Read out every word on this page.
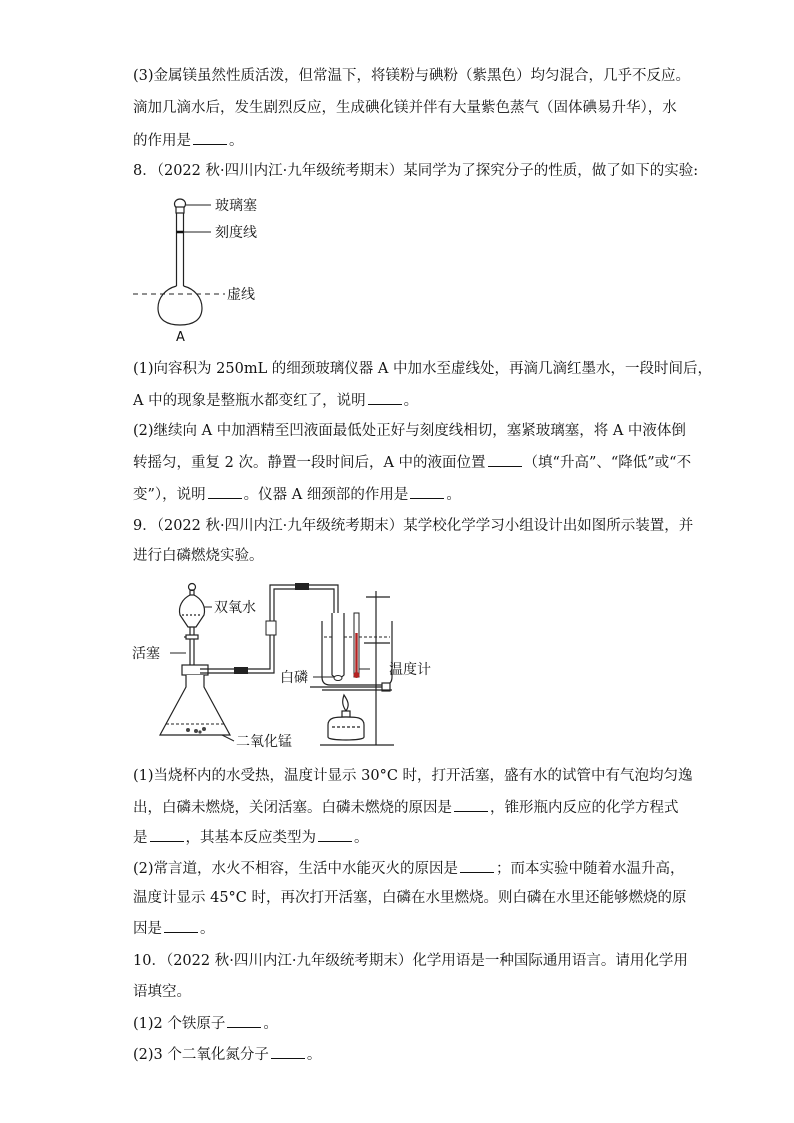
(3)金属镁虽然性质活泼，但常温下，将镁粉与碘粉（紫黑色）均匀混合，几乎不反应。
滴加几滴水后，发生剧烈反应，生成碘化镁并伴有大量紫色蒸气（固体碘易升华），水
的作用是	。
8．（2022 秋·四川内江·九年级统考期末）某同学为了探究分子的性质，做了如下的实验:
玻璃塞
刻度线
虚线
A
(1)向容积为 250mL 的细颈玻璃仪器 A 中加水至虚线处，再滴几滴红墨水，一段时间后，
A 中的现象是整瓶水都变红了，说明	。
(2)继续向 A 中加酒精至凹液面最低处正好与刻度线相切，塞紧玻璃塞，将 A 中液体倒
转摇匀，重复 2 次。静置一段时间后，A 中的液面位置	（填“升高”、“降低”或“不
变”），说明	。仪器 A 细颈部的作用是	。
9．（2022 秋·四川内江·九年级统考期末）某学校化学学习小组设计出如图所示装置，并
进行白磷燃烧实验。
双氧水
活塞
白磷	温度计
二氧化锰
(1)当烧杯内的水受热，温度计显示 30°C 时，打开活塞，盛有水的试管中有气泡均匀逸
出，白磷未燃烧，关闭活塞。白磷未燃烧的原因是	，锥形瓶内反应的化学方程式
是	，其基本反应类型为	。
(2)常言道，水火不相容，生活中水能灭火的原因是	；而本实验中随着水温升高，
温度计显示 45°C 时，再次打开活塞，白磷在水里燃烧。则白磷在水里还能够燃烧的原
因是	。
10．（2022 秋·四川内江·九年级统考期末）化学用语是一种国际通用语言。请用化学用
语填空。
(1)2 个铁原子	。
(2)3 个二氧化氮分子	。
